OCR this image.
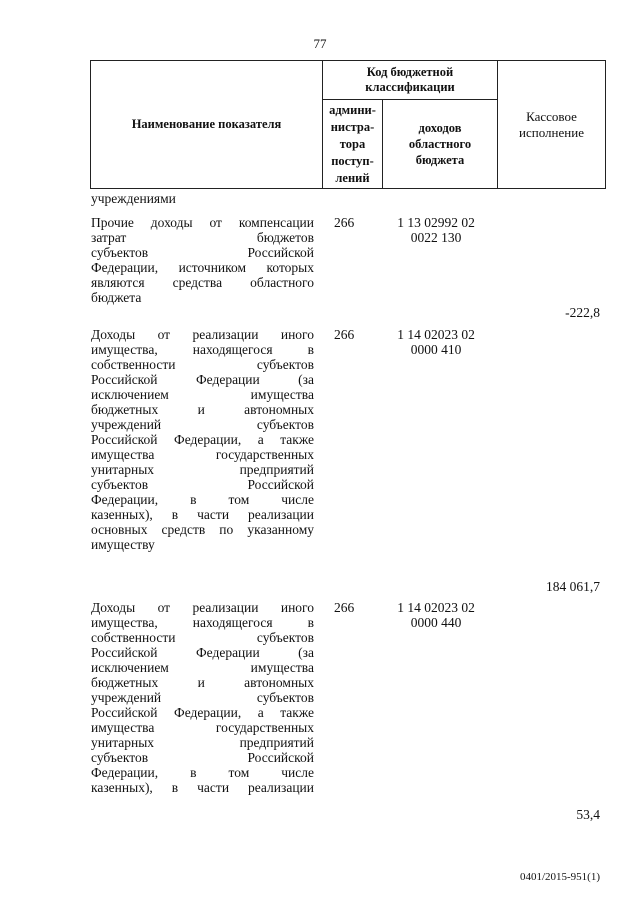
77
Наименование показателя	Код бюджетной классификации		Кассовое
исполнение
	админи-
нистра-
тора
поступ-
лений	доходов
областного
бюджета	
учреждениями
Прочие доходы от компенсации
затрат бюджетов
субъектов Российской
Федерации, источником которых
являются средства областного
бюджета
266	1 13 02992 02
0022 130
-222,8
Доходы от реализации иного
имущества, находящегося в
собственности субъектов
Российской Федерации (за
исключением имущества
бюджетных и автономных
учреждений субъектов
Российской Федерации, а также
имущества государственных
унитарных предприятий
субъектов Российской
Федерации, в том числе
казенных), в части реализации
основных средств по указанному
имуществу
266	1 14 02023 02
0000 410
184 061,7
Доходы от реализации иного
имущества, находящегося в
собственности субъектов
Российской Федерации (за
исключением имущества
бюджетных и автономных
учреждений субъектов
Российской Федерации, а также
имущества государственных
унитарных предприятий
субъектов Российской
Федерации, в том числе
казенных), в части реализации
266	1 14 02023 02
0000 440
53,4
0401/2015-951(1)
